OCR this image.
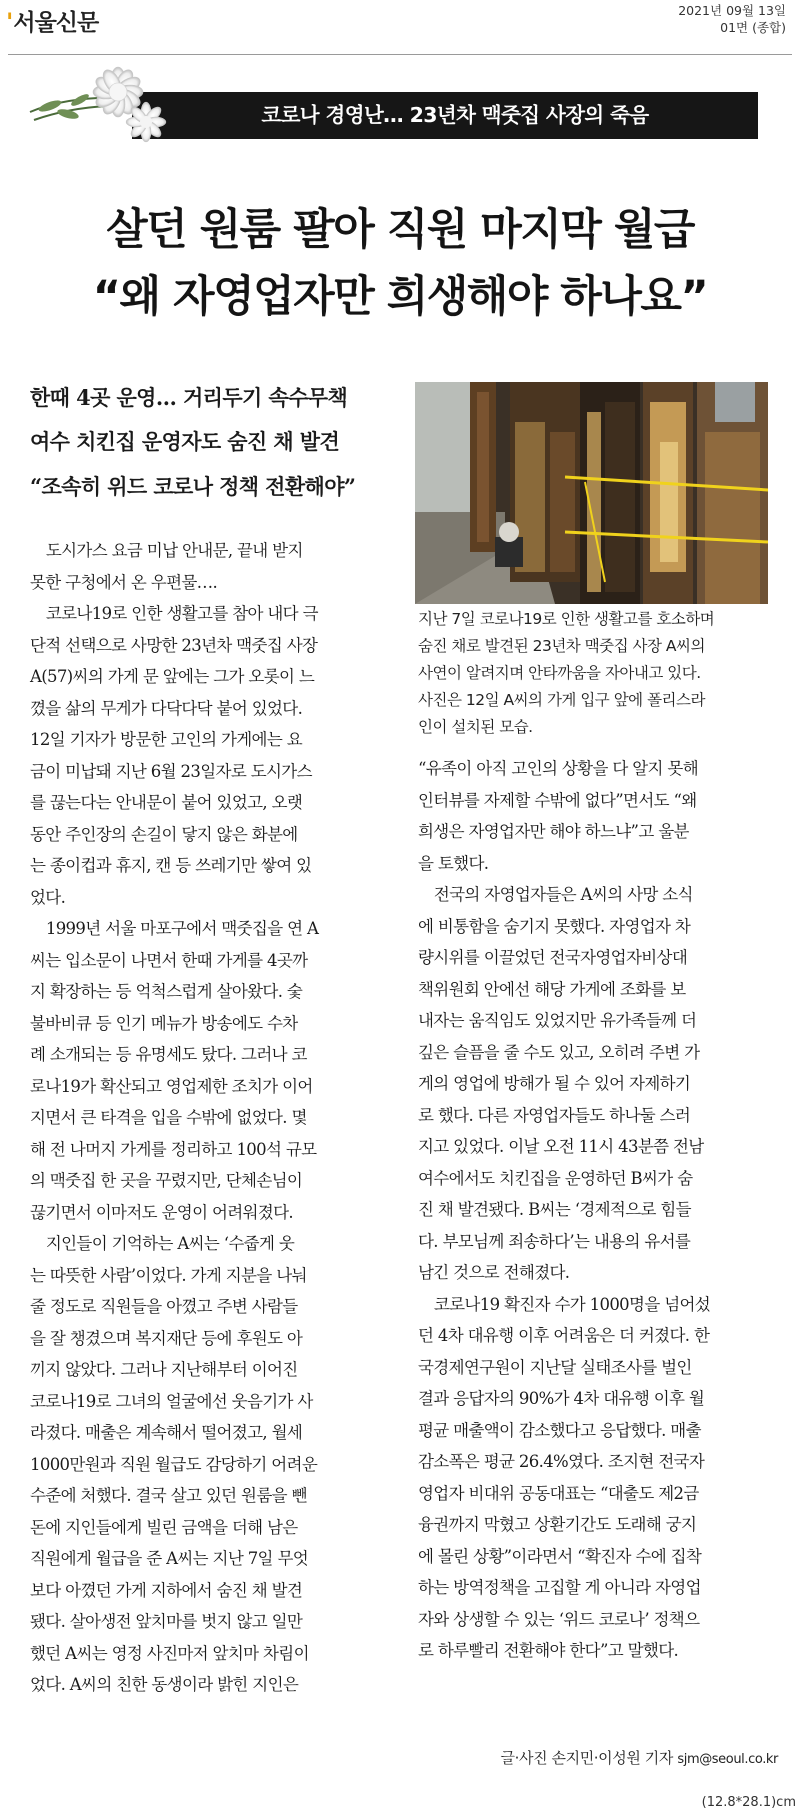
'서울신문	2021년 09월 13일
01면 (종합)
코로나 경영난… 23년차 맥줏집 사장의 죽음
살던 원룸 팔아 직원 마지막 월급
“왜 자영업자만 희생해야 하나요”
한때 4곳 운영… 거리두기 속수무책
여수 치킨집 운영자도 숨진 채 발견
“조속히 위드 코로나 정책 전환해야”
지난 7일 코로나19로 인한 생활고를 호소하며
숨진 채로 발견된 23년차 맥줏집 사장 A씨의
사연이 알려지며 안타까움을 자아내고 있다.
사진은 12일 A씨의 가게 입구 앞에 폴리스라
인이 설치된 모습.
　도시가스 요금 미납 안내문, 끝내 받지
못한 구청에서 온 우편물….
　코로나19로 인한 생활고를 참아 내다 극
단적 선택으로 사망한 23년차 맥줏집 사장
A(57)씨의 가게 문 앞에는 그가 오롯이 느
꼈을 삶의 무게가 다닥다닥 붙어 있었다.
12일 기자가 방문한 고인의 가게에는 요
금이 미납돼 지난 6월 23일자로 도시가스
를 끊는다는 안내문이 붙어 있었고, 오랫
동안 주인장의 손길이 닿지 않은 화분에
는 종이컵과 휴지, 캔 등 쓰레기만 쌓여 있
었다.
　1999년 서울 마포구에서 맥줏집을 연 A
씨는 입소문이 나면서 한때 가게를 4곳까
지 확장하는 등 억척스럽게 살아왔다. 숯
불바비큐 등 인기 메뉴가 방송에도 수차
례 소개되는 등 유명세도 탔다. 그러나 코
로나19가 확산되고 영업제한 조치가 이어
지면서 큰 타격을 입을 수밖에 없었다. 몇
해 전 나머지 가게를 정리하고 100석 규모
의 맥줏집 한 곳을 꾸렸지만, 단체손님이
끊기면서 이마저도 운영이 어려워졌다.
　지인들이 기억하는 A씨는 ‘수줍게 웃
는 따뜻한 사람’이었다. 가게 지분을 나눠
줄 정도로 직원들을 아꼈고 주변 사람들
을 잘 챙겼으며 복지재단 등에 후원도 아
끼지 않았다. 그러나 지난해부터 이어진
코로나19로 그녀의 얼굴에선 웃음기가 사
라졌다. 매출은 계속해서 떨어졌고, 월세
1000만원과 직원 월급도 감당하기 어려운
수준에 처했다. 결국 살고 있던 원룸을 뺀
돈에 지인들에게 빌린 금액을 더해 남은
직원에게 월급을 준 A씨는 지난 7일 무엇
보다 아꼈던 가게 지하에서 숨진 채 발견
됐다. 살아생전 앞치마를 벗지 않고 일만
했던 A씨는 영정 사진마저 앞치마 차림이
었다. A씨의 친한 동생이라 밝힌 지인은
“유족이 아직 고인의 상황을 다 알지 못해
인터뷰를 자제할 수밖에 없다”면서도 “왜
희생은 자영업자만 해야 하느냐”고 울분
을 토했다.
　전국의 자영업자들은 A씨의 사망 소식
에 비통함을 숨기지 못했다. 자영업자 차
량시위를 이끌었던 전국자영업자비상대
책위원회 안에선 해당 가게에 조화를 보
내자는 움직임도 있었지만 유가족들께 더
깊은 슬픔을 줄 수도 있고, 오히려 주변 가
게의 영업에 방해가 될 수 있어 자제하기
로 했다. 다른 자영업자들도 하나둘 스러
지고 있었다. 이날 오전 11시 43분쯤 전남
여수에서도 치킨집을 운영하던 B씨가 숨
진 채 발견됐다. B씨는 ‘경제적으로 힘들
다. 부모님께 죄송하다’는 내용의 유서를
남긴 것으로 전해졌다.
　코로나19 확진자 수가 1000명을 넘어섰
던 4차 대유행 이후 어려움은 더 커졌다. 한
국경제연구원이 지난달 실태조사를 벌인
결과 응답자의 90%가 4차 대유행 이후 월
평균 매출액이 감소했다고 응답했다. 매출
감소폭은 평균 26.4%였다. 조지현 전국자
영업자 비대위 공동대표는 “대출도 제2금
융권까지 막혔고 상환기간도 도래해 궁지
에 몰린 상황”이라면서 “확진자 수에 집착
하는 방역정책을 고집할 게 아니라 자영업
자와 상생할 수 있는 ‘위드 코로나’ 정책으
로 하루빨리 전환해야 한다”고 말했다.
글·사진 손지민·이성원 기자 sjm@seoul.co.kr
(12.8*28.1)cm
